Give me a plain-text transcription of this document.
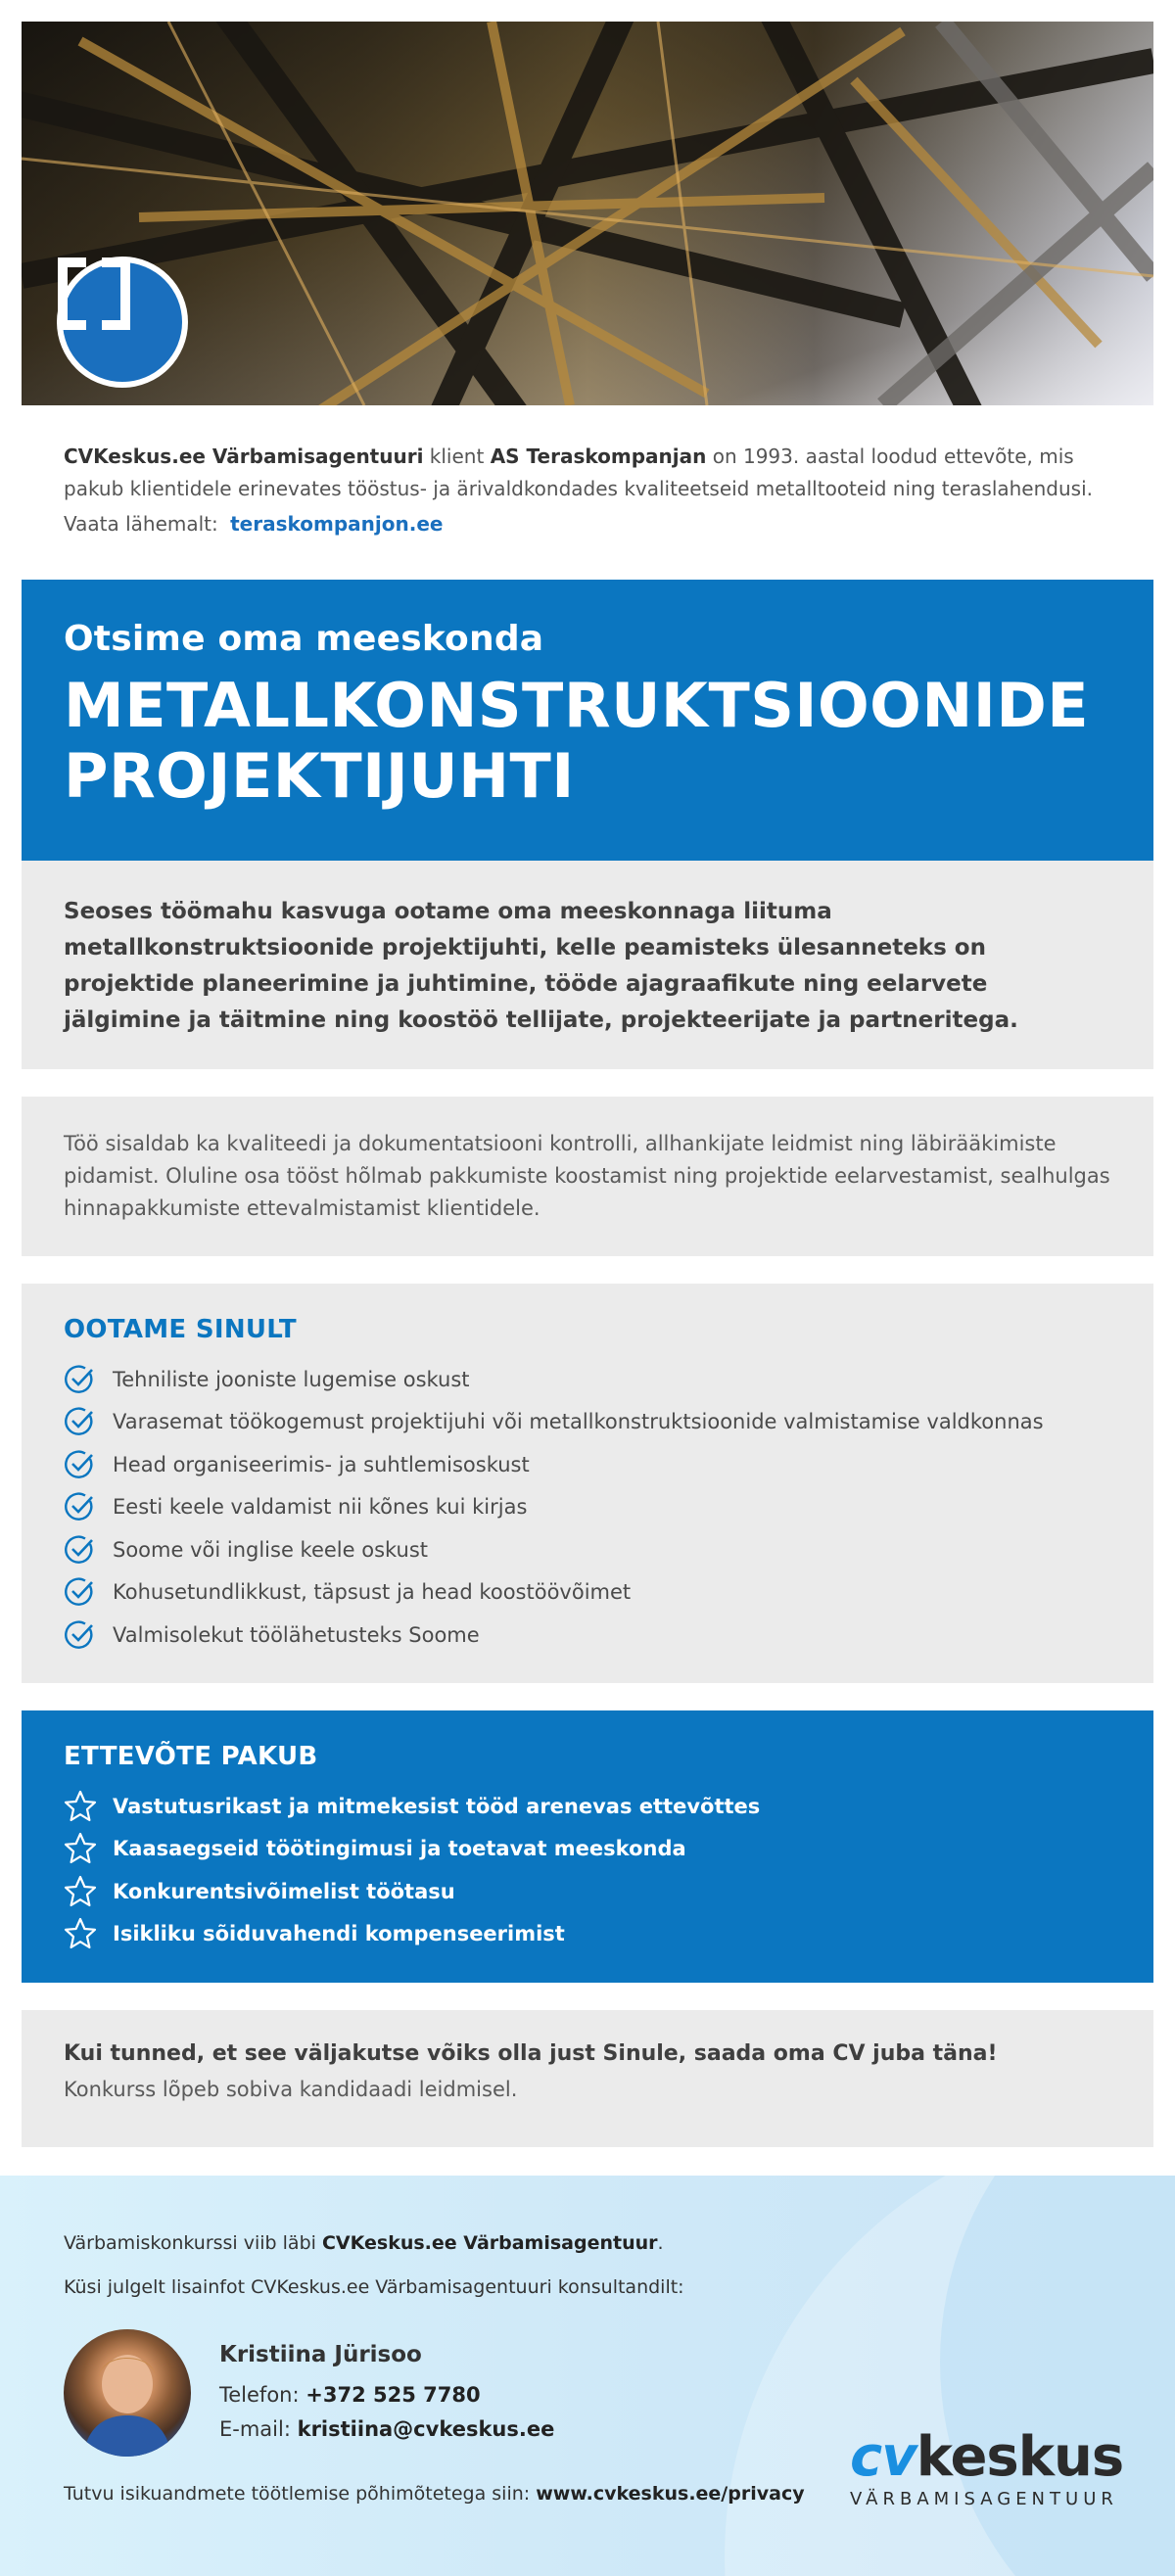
CVKeskus.ee Värbamisagentuuri klient AS Teraskompanjan on 1993. aastal loodud ettevõte, mis pakub klientidele erinevates tööstus- ja ärivaldkondades kvaliteetseid metalltooteid ning teraslahendusi.
Vaata lähemalt: teraskompanjon.ee
Otsime oma meeskonda
METALLKONSTRUKTSIOONIDE
PROJEKTIJUHTI
Seoses töömahu kasvuga ootame oma meeskonnaga liituma metallkonstruktsioonide projektijuhti, kelle peamisteks ülesanneteks on projektide planeerimine ja juhtimine, tööde ajagraafikute ning eelarvete jälgimine ja täitmine ning koostöö tellijate, projekteerijate ja partneritega.
Töö sisaldab ka kvaliteedi ja dokumentatsiooni kontrolli, allhankijate leidmist ning läbirääkimiste pidamist. Oluline osa tööst hõlmab pakkumiste koostamist ning projektide eelarvestamist, sealhulgas hinnapakkumiste ettevalmistamist klientidele.
OOTAME SINULT
Tehniliste jooniste lugemise oskust
Varasemat töökogemust projektijuhi või metallkonstruktsioonide valmistamise valdkonnas
Head organiseerimis- ja suhtlemisoskust
Eesti keele valdamist nii kõnes kui kirjas
Soome või inglise keele oskust
Kohusetundlikkust, täpsust ja head koostöövõimet
Valmisolekut töölähetusteks Soome
ETTEVÕTE PAKUB
Vastutusrikast ja mitmekesist tööd arenevas ettevõttes
Kaasaegseid töötingimusi ja toetavat meeskonda
Konkurentsivõimelist töötasu
Isikliku sõiduvahendi kompenseerimist
Kui tunned, et see väljakutse võiks olla just Sinule, saada oma CV juba täna!
Konkurss lõpeb sobiva kandidaadi leidmisel.
Värbamiskonkurssi viib läbi CVKeskus.ee Värbamisagentuur.
Küsi julgelt lisainfot CVKeskus.ee Värbamisagentuuri konsultandilt:
Kristiina Jürisoo
Telefon: +372 525 7780
E-mail: kristiina@cvkeskus.ee
Tutvu isikuandmete töötlemise põhimõtetega siin: www.cvkeskus.ee/privacy
cvkeskus
VÄRBAMISAGENTUUR
